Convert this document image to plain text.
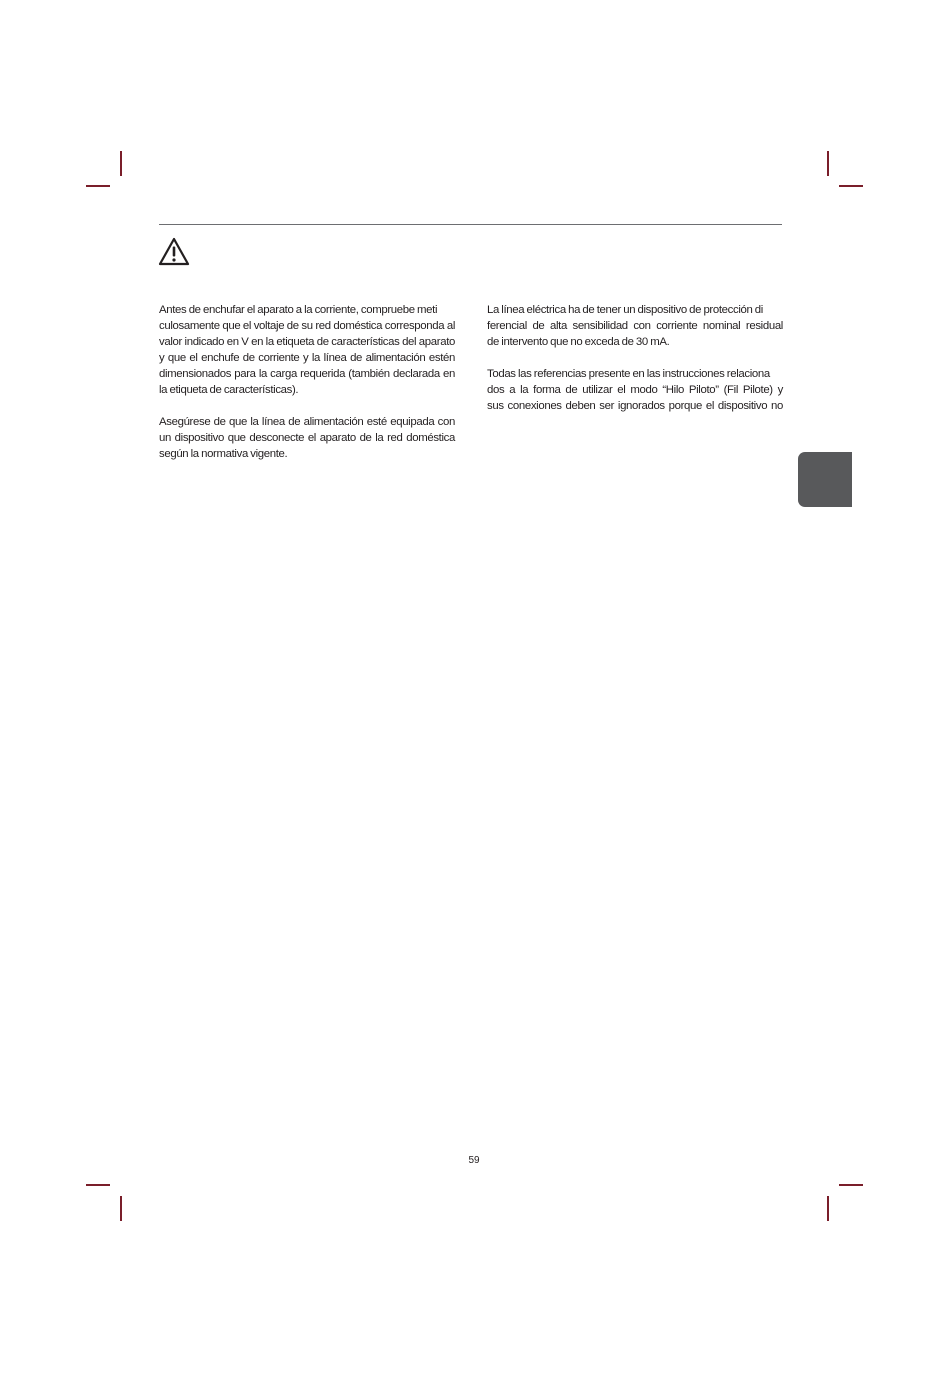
Antes de enchufar el aparato a la corriente, compruebe meti
culosamente que el voltaje de su red doméstica corresponda al
valor indicado en V en la etiqueta de características del aparato
y que el enchufe de corriente y la línea de alimentación estén
dimensionados para la carga requerida (también declarada en
la etiqueta de características).

Asegúrese de que la línea de alimentación esté equipada con
un dispositivo que desconecte el aparato de la red doméstica
según la normativa vigente.

La línea eléctrica ha de tener un dispositivo de protección di
ferencial de alta sensibilidad con corriente nominal residual
de intervento que no exceda de 30 mA.

Todas las referencias presente en las instrucciones relaciona
dos a la forma de utilizar el modo “Hilo Piloto” (Fil Pilote) y
sus conexiones deben ser ignorados porque el dispositivo no

59
